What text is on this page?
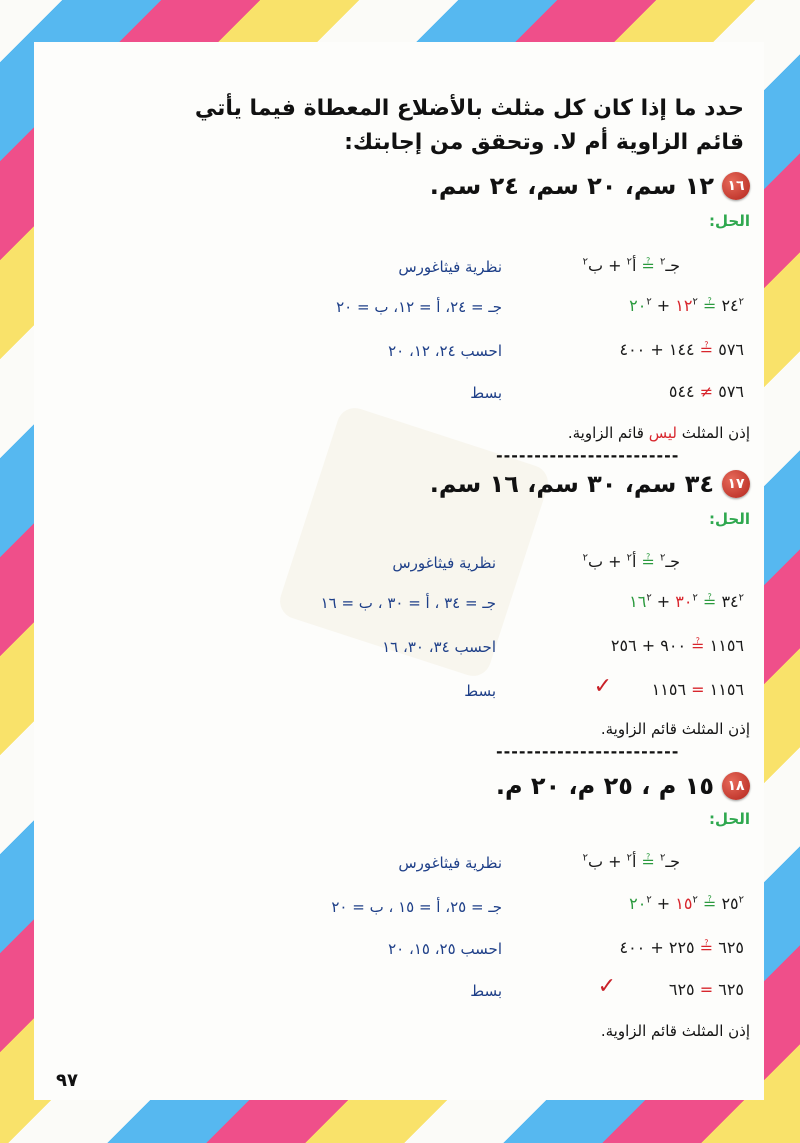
حدد ما إذا كان كل مثلث بالأضلاع المعطاة فيما يأتي
قائم الزاوية أم لا. وتحقق من إجابتك:
١٦
١٢ سم، ٢٠ سم، ٢٤ سم.
الحل:
جـ$^٢$ ≟ أ$^٢$ + ب$^٢$
نظرية فيثاغورس
$٢٤^٢$ ≟ $١٢^٢$ + $٢٠^٢$
جـ = ٢٤، أ = ١٢، ب = ٢٠
٥٧٦ ≟ ١٤٤ + ٤٠٠
احسب ٢٤، ١٢، ٢٠
٥٧٦ ≠ ٥٤٤
بسط
إذن المثلث ليس قائم الزاوية.
------------------------
١٧
٣٤ سم، ٣٠ سم، ١٦ سم.
الحل:
جـ$^٢$ ≟ أ$^٢$ + ب$^٢$
نظرية فيثاغورس
$٣٤^٢$ ≟ $٣٠^٢$ + $١٦^٢$
جـ = ٣٤ ، أ = ٣٠ ، ب = ١٦
١١٥٦ ≟ ٩٠٠ + ٢٥٦
احسب ٣٤، ٣٠، ١٦
١١٥٦ = ١١٥٦
✓
بسط
إذن المثلث قائم الزاوية.
------------------------
١٨
١٥ م ، ٢٥ م، ٢٠ م.
الحل:
جـ$^٢$ ≟ أ$^٢$ + ب$^٢$
نظرية فيثاغورس
$٢٥^٢$ ≟ $١٥^٢$ + $٢٠^٢$
جـ = ٢٥، أ = ١٥ ، ب = ٢٠
٦٢٥ ≟ ٢٢٥ + ٤٠٠
احسب ٢٥، ١٥، ٢٠
٦٢٥ = ٦٢٥
✓
بسط
إذن المثلث قائم الزاوية.
٩٧
